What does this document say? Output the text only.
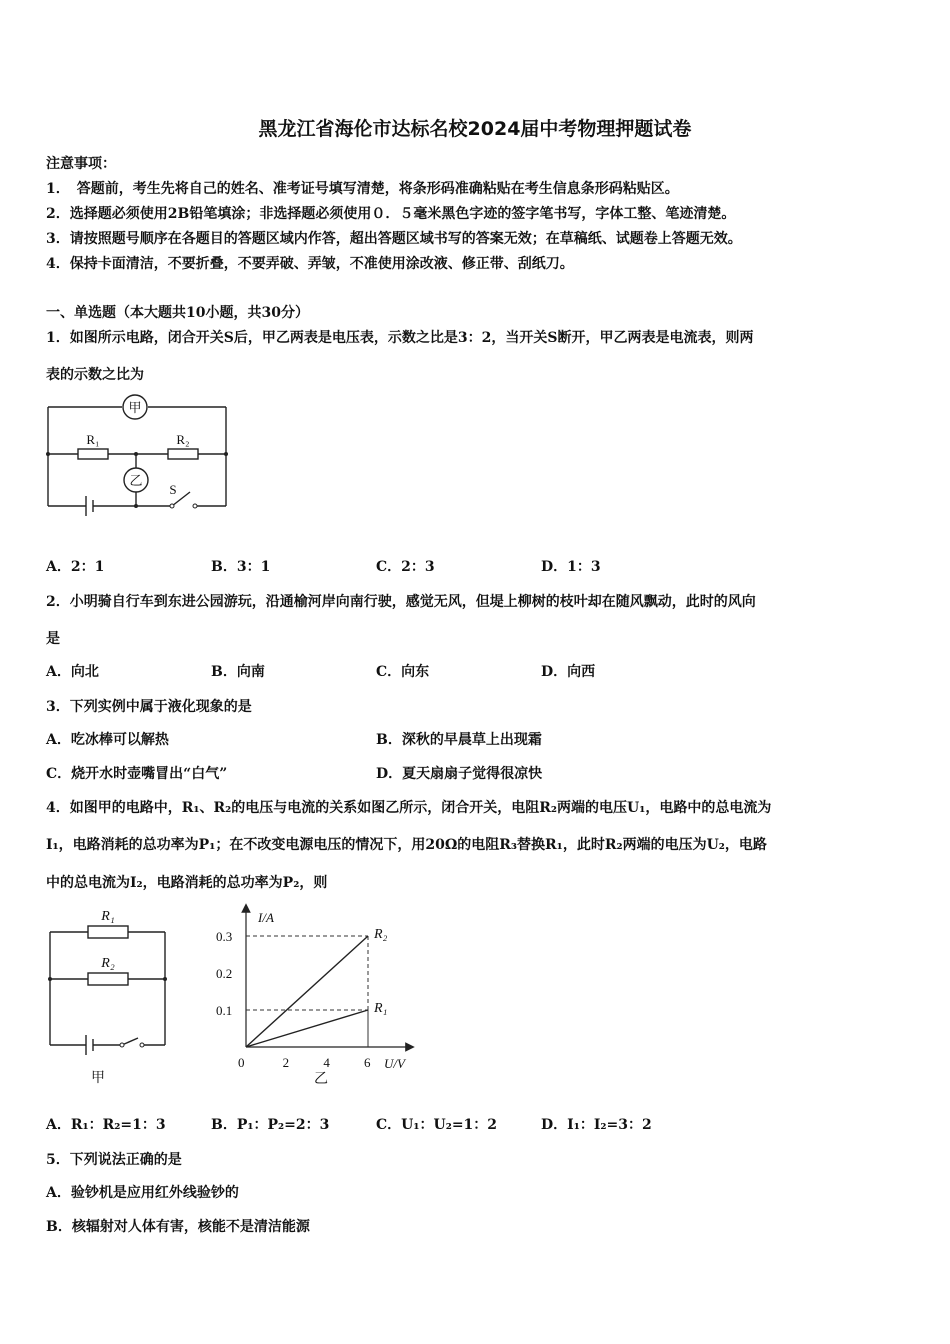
黑龙江省海伦市达标名校2024届中考物理押题试卷
注意事项：
1．　答题前，考生先将自己的姓名、准考证号填写清楚，将条形码准确粘贴在考生信息条形码粘贴区。
2．选择题必须使用2B铅笔填涂；非选择题必须使用０．５毫米黑色字迹的签字笔书写，字体工整、笔迹清楚。
3．请按照题号顺序在各题目的答题区域内作答，超出答题区域书写的答案无效；在草稿纸、试题卷上答题无效。
4．保持卡面清洁，不要折叠，不要弄破、弄皱，不准使用涂改液、修正带、刮纸刀。
一、单选题（本大题共10小题，共30分）
1．如图所示电路，闭合开关S后，甲乙两表是电压表，示数之比是3：2，当开关S断开，甲乙两表是电流表，则两
表的示数之比为
甲
乙
R₁	R₂
S
A．2：1	B．3：1	C．2：3	D．1：3
2．小明骑自行车到东进公园游玩，沿通榆河岸向南行驶，感觉无风，但堤上柳树的枝叶却在随风飘动，此时的风向
是
A．向北	B．向南	C．向东	D．向西
3．下列实例中属于液化现象的是
A．吃冰棒可以解热	B．深秋的早晨草上出现霜
C．烧开水时壶嘴冒出“白气”	D．夏天扇扇子觉得很凉快
4．如图甲的电路中，R₁、R₂的电压与电流的关系如图乙所示，闭合开关，电阻R₂两端的电压U₁，电路中的总电流为
I₁，电路消耗的总功率为P₁；在不改变电源电压的情况下，用20Ω的电阻R₃替换R₁，此时R₂两端的电压为U₂，电路
中的总电流为I₂，电路消耗的总功率为P₂，则
R₁
R₂
甲
I/A
U/V
乙
0	2	4	6
0.1
0.2
0.3	R₂
R₁
A．R₁：R₂=1：3	B．P₁：P₂=2：3	C．U₁：U₂=1：2	D．I₁：I₂=3：2
5．下列说法正确的是
A．验钞机是应用红外线验钞的
B．核辐射对人体有害，核能不是清洁能源
